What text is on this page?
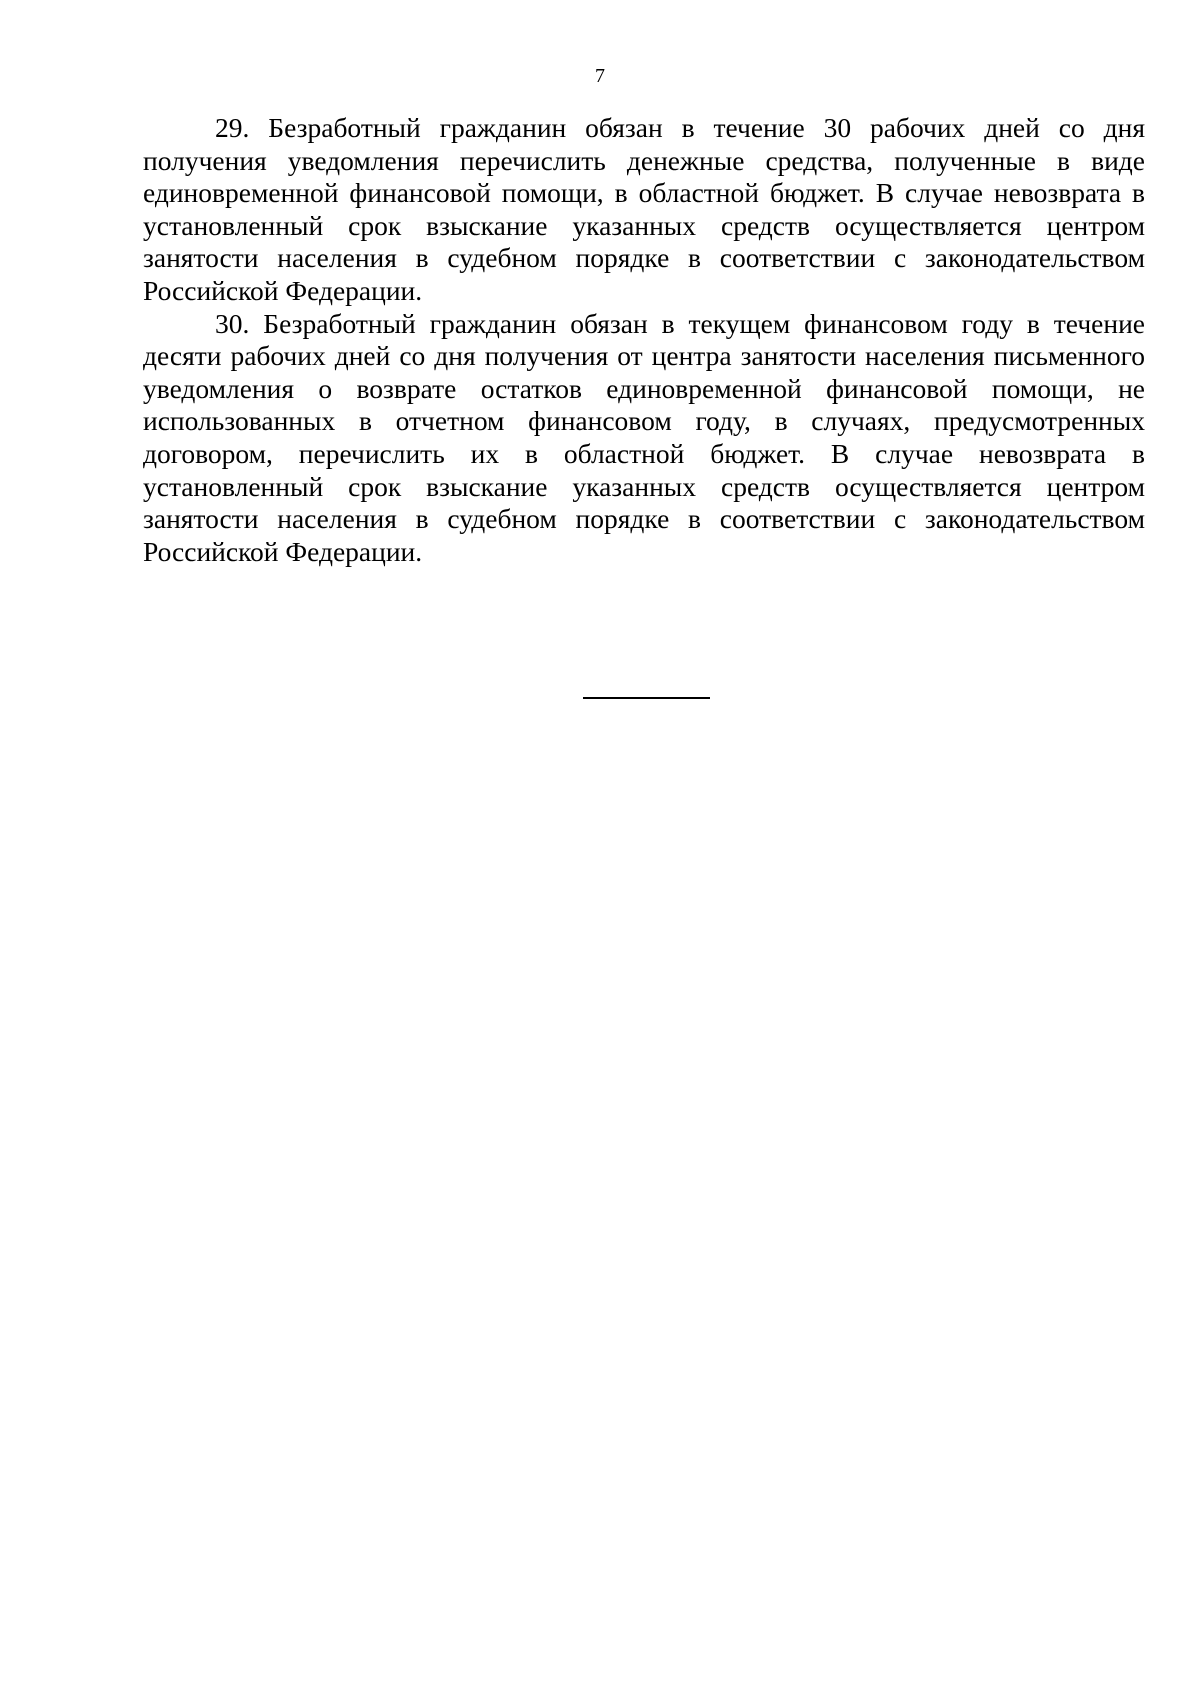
7

29. Безработный гражданин обязан в течение 30 рабочих дней со дня получения уведомления перечислить денежные средства, полученные в виде единовременной финансовой помощи, в областной бюджет. В случае невозврата в установленный срок взыскание указанных средств осуществляется центром занятости населения в судебном порядке в соответствии с законодательством Российской Федерации.

30. Безработный гражданин обязан в текущем финансовом году в течение десяти рабочих дней со дня получения от центра занятости населения письменного уведомления о возврате остатков единовременной финансовой помощи, не использованных в отчетном финансовом году, в случаях, предусмотренных договором, перечислить их в областной бюджет. В случае невозврата в установленный срок взыскание указанных средств осуществляется центром занятости населения в судебном порядке в соответствии с законодательством Российской Федерации.
